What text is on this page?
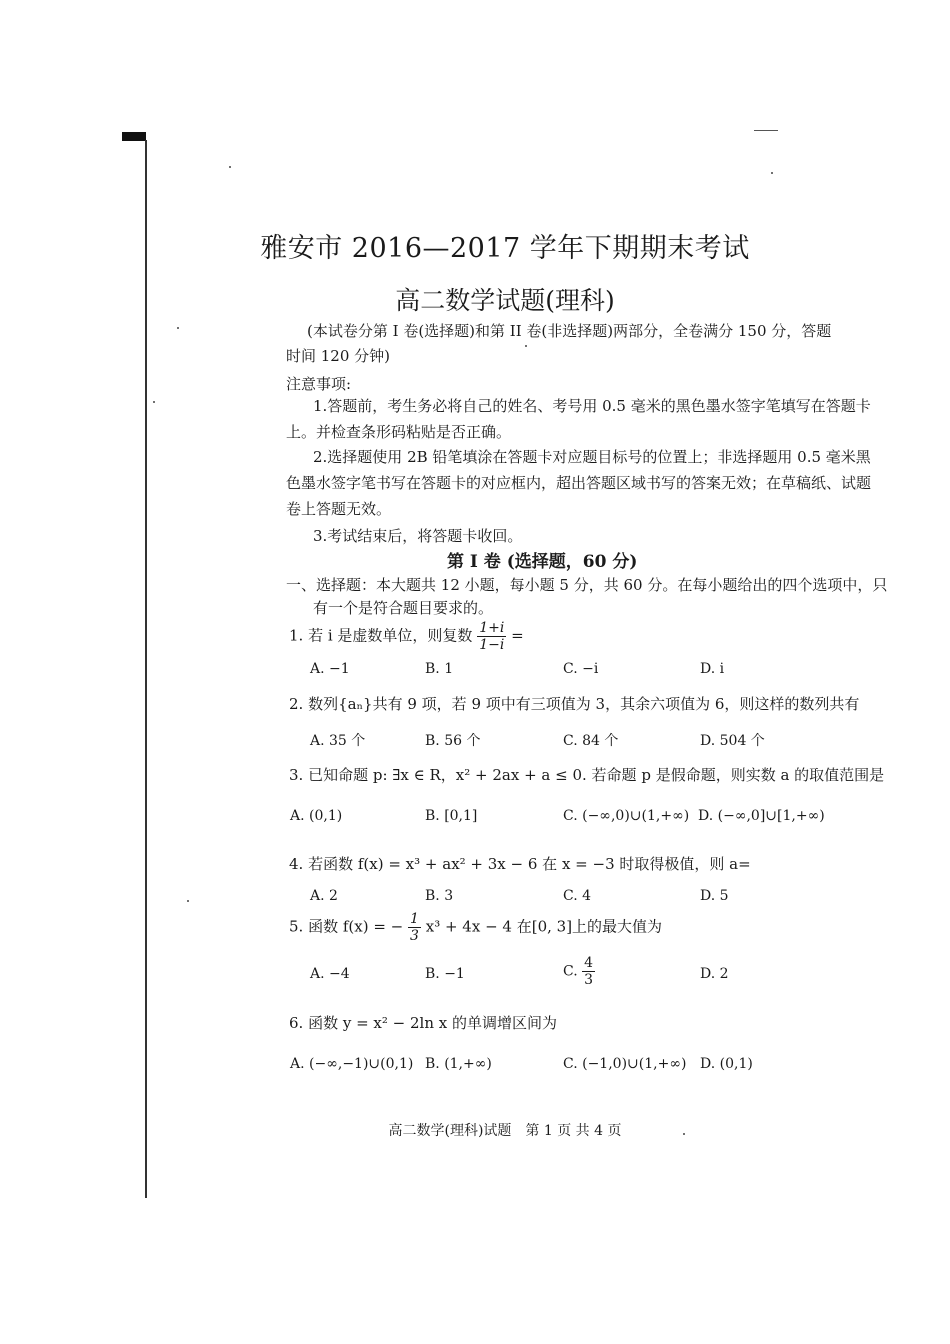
雅安市 2016—2017 学年下期期末考试
高二数学试题(理科)
(本试卷分第 I 卷(选择题)和第 II 卷(非选择题)两部分，全卷满分 150 分，答题
时间 120 分钟)
注意事项:
1.答题前，考生务必将自己的姓名、考号用 0.5 毫米的黑色墨水签字笔填写在答题卡
上。并检查条形码粘贴是否正确。
2.选择题使用 2B 铅笔填涂在答题卡对应题目标号的位置上；非选择题用 0.5 毫米黑
色墨水签字笔书写在答题卡的对应框内，超出答题区域书写的答案无效；在草稿纸、试题
卷上答题无效。
3.考试结束后，将答题卡收回。
第 I 卷 (选择题，60 分)
一、选择题：本大题共 12 小题，每小题 5 分，共 60 分。在每小题给出的四个选项中，只
有一个是符合题目要求的。
1. 若 i 是虚数单位，则复数 $\frac{1+i}{1-i}$ =
A. −1	B. 1	C. −i	D. i
2. 数列{aₙ}共有 9 项，若 9 项中有三项值为 3，其余六项值为 6，则这样的数列共有
A. 35 个	B. 56 个	C. 84 个	D. 504 个
3. 已知命题 p: ∃x ∈ R，x² + 2ax + a ≤ 0. 若命题 p 是假命题，则实数 a 的取值范围是
A. (0,1)	B. [0,1]	C. (−∞,0)∪(1,+∞) D. (−∞,0]∪[1,+∞)
4. 若函数 f(x) = x³ + ax² + 3x − 6 在 x = −3 时取得极值，则 a=
A. 2	B. 3	C. 4	D. 5
5. 函数 f(x) = − $\frac{1}{3} x^3 + 4x - 4$ 在[0, 3]上的最大值为
A. −4	B. −1	C. $\frac{4}{3}$	D. 2
6. 函数 y = x² − 2ln x 的单调增区间为
A. (−∞,−1)∪(0,1) B. (1,+∞)	C. (−1,0)∪(1,+∞) D. (0,1)
高二数学(理科)试题　第 1 页 共 4 页
